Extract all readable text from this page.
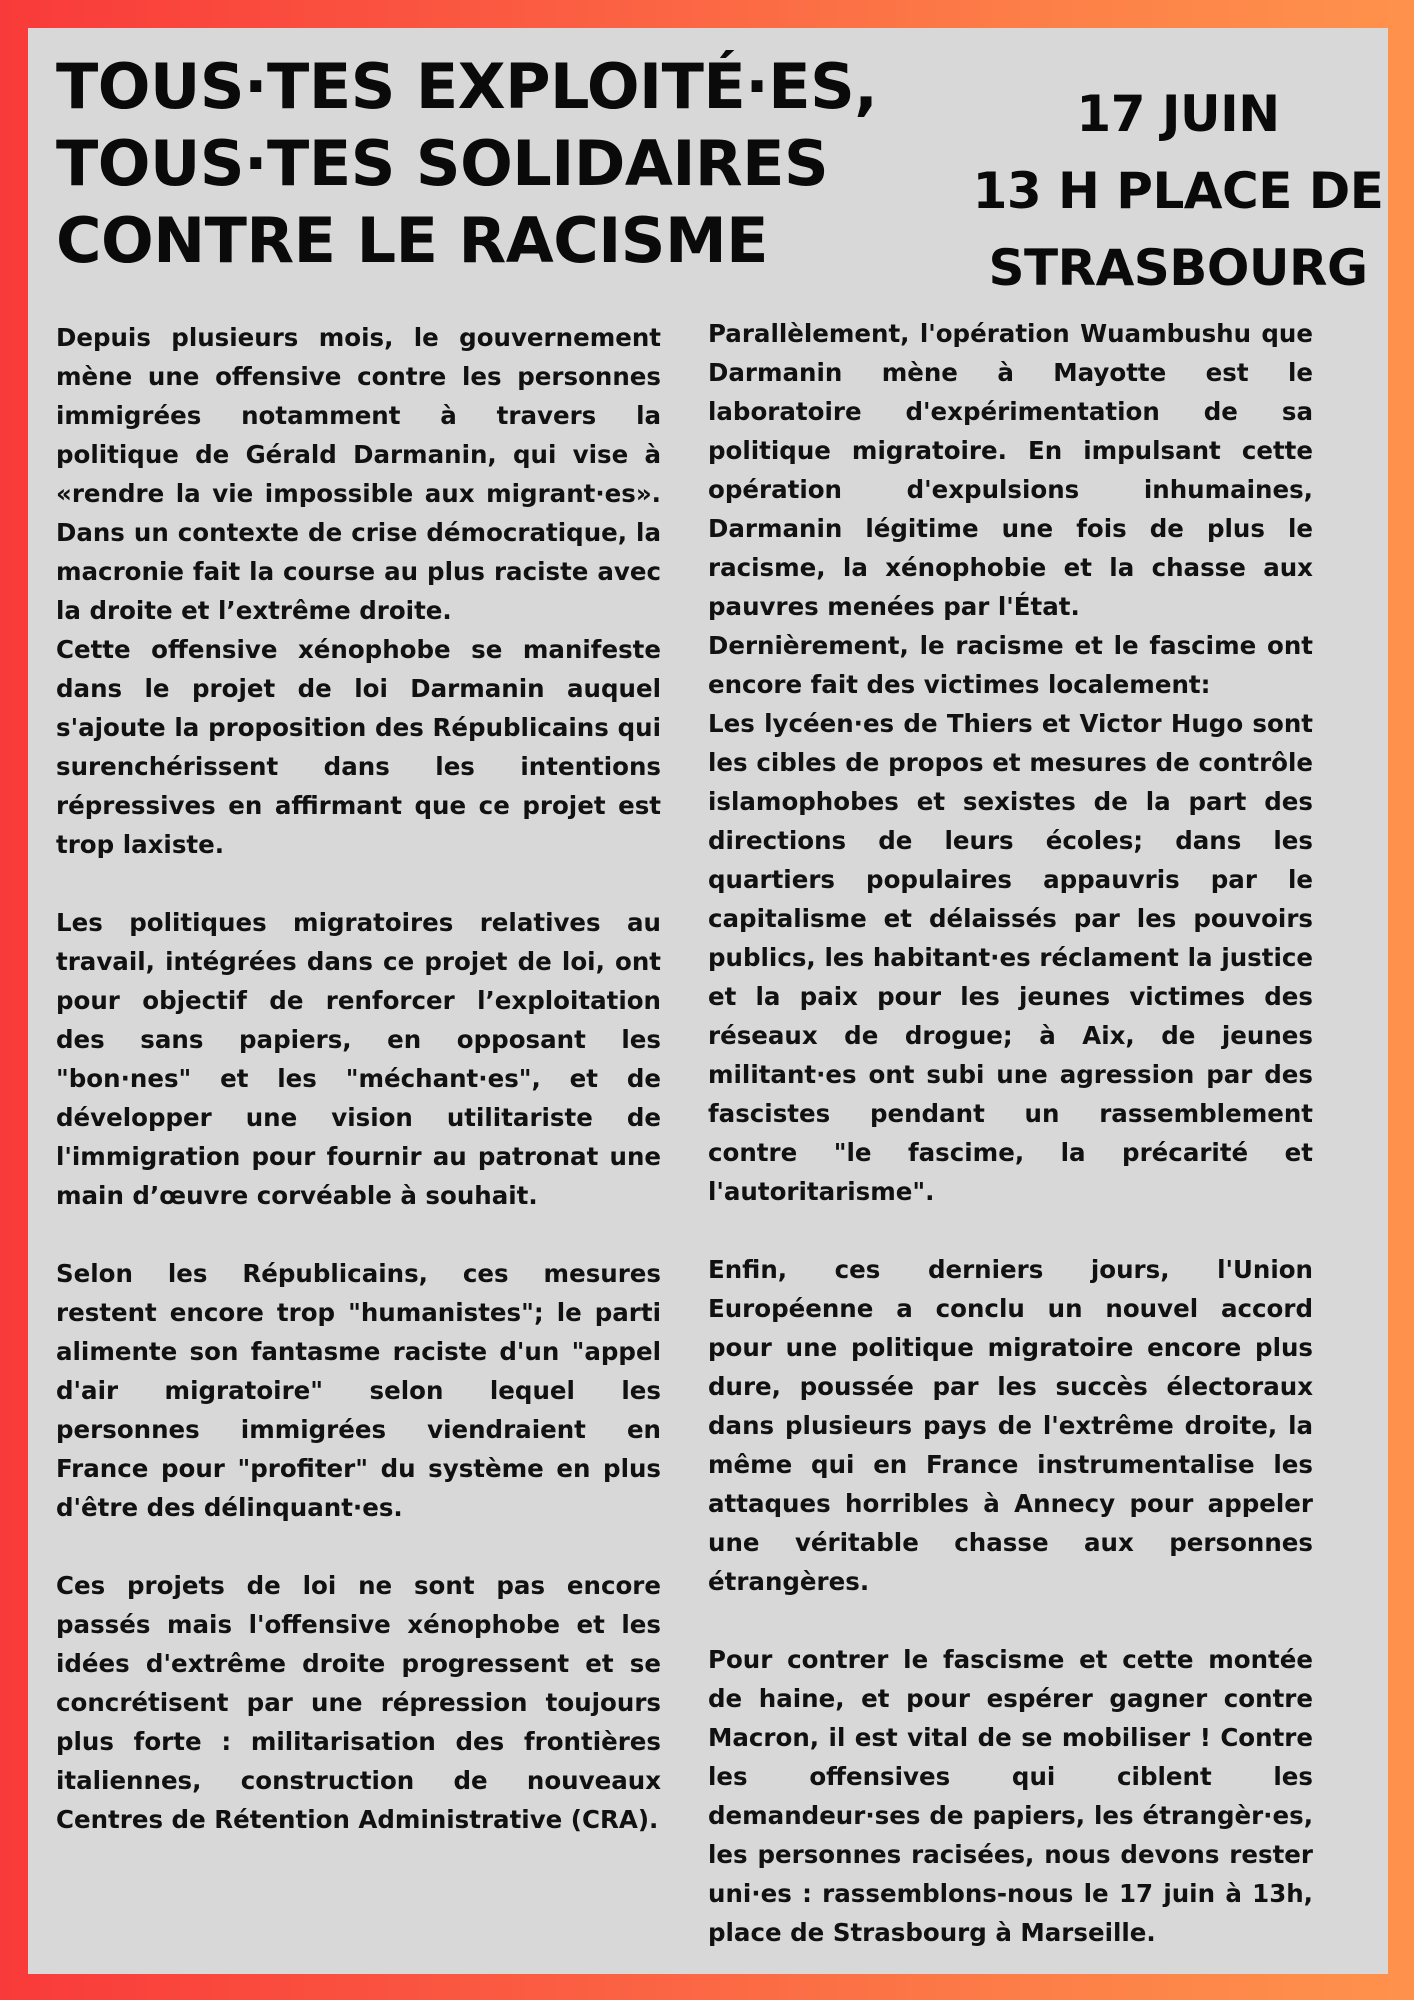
TOUS·TES EXPLOITÉ·ES,
TOUS·TES SOLIDAIRES
CONTRE LE RACISME
17 JUIN
13 H PLACE DE
STRASBOURG

Depuis plusieurs mois, le gouvernement mène une offensive contre les personnes immigrées notamment à travers la politique de Gérald Darmanin, qui vise à «rendre la vie impossible aux migrant·es». Dans un contexte de crise démocratique, la macronie fait la course au plus raciste avec la droite et l’extrême droite.

Cette offensive xénophobe se manifeste dans le projet de loi Darmanin auquel s'ajoute la proposition des Républicains qui surenchérissent dans les intentions répressives en affirmant que ce projet est trop laxiste.

Les politiques migratoires relatives au travail, intégrées dans ce projet de loi, ont pour objectif de renforcer l’exploitation des sans papiers, en opposant les "bon·nes" et les "méchant·es", et de développer une vision utilitariste de l'immigration pour fournir au patronat une main d’œuvre corvéable à souhait.

Selon les Républicains, ces mesures restent encore trop "humanistes"; le parti alimente son fantasme raciste d'un "appel d'air migratoire" selon lequel les personnes immigrées viendraient en France pour "profiter" du système en plus d'être des délinquant·es.

Ces projets de loi ne sont pas encore passés mais l'offensive xénophobe et les idées d'extrême droite progressent et se concrétisent par une répression toujours plus forte : militarisation des frontières italiennes, construction de nouveaux Centres de Rétention Administrative (CRA).

Parallèlement, l'opération Wuambushu que Darmanin mène à Mayotte est le laboratoire d'expérimentation de sa politique migratoire. En impulsant cette opération d'expulsions inhumaines, Darmanin légitime une fois de plus le racisme, la xénophobie et la chasse aux pauvres menées par l'État.

Dernièrement, le racisme et le fascime ont encore fait des victimes localement:

Les lycéen·es de Thiers et Victor Hugo sont les cibles de propos et mesures de contrôle islamophobes et sexistes de la part des directions de leurs écoles; dans les quartiers populaires appauvris par le capitalisme et délaissés par les pouvoirs publics, les habitant·es réclament la justice et la paix pour les jeunes victimes des réseaux de drogue; à Aix, de jeunes militant·es ont subi une agression par des fascistes pendant un rassemblement contre "le fascime, la précarité et l'autoritarisme".

Enfin, ces derniers jours, l'Union Européenne a conclu un nouvel accord pour une politique migratoire encore plus dure, poussée par les succès électoraux dans plusieurs pays de l'extrême droite, la même qui en France instrumentalise les attaques horribles à Annecy pour appeler une véritable chasse aux personnes étrangères.

Pour contrer le fascisme et cette montée de haine, et pour espérer gagner contre Macron, il est vital de se mobiliser ! Contre les offensives qui ciblent les demandeur·ses de papiers, les étrangèr·es, les personnes racisées, nous devons rester uni·es : rassemblons-nous le 17 juin à 13h, place de Strasbourg à Marseille.
